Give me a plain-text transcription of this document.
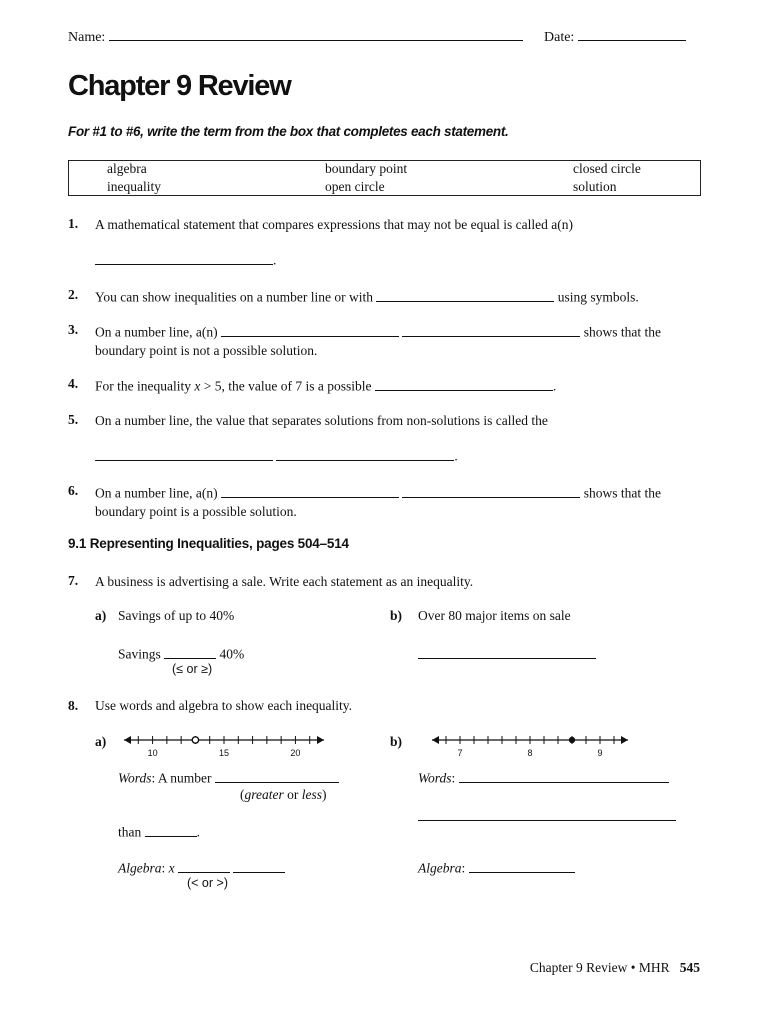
Name:	Date:
Chapter 9 Review
For #1 to #6, write the term from the box that completes each statement.
algebra	boundary point	closed circle
inequality	open circle	solution
1. A mathematical statement that compares expressions that may not be equal is called a(n)
.
2. You can show inequalities on a number line or with	using symbols.
3. On a number line, a(n)	shows that the
boundary point is not a possible solution.
4. For the inequality x > 5, the value of 7 is a possible	.
5. On a number line, the value that separates solutions from non-solutions is called the
.
6. On a number line, a(n)	shows that the
boundary point is a possible solution.
9.1 Representing Inequalities, pages 504–514
7. A business is advertising a sale. Write each statement as an inequality.
a) Savings of up to 40%
Savings	40%
(≤ or ≥)
b) Over 80 major items on sale
8. Use words and algebra to show each inequality.
a)
10	15	20
b)
7	8	9
Words: A number
(greater or less)
than	.
Algebra: x
(< or >)
Words:
Algebra:
Chapter 9 Review • MHR 545
